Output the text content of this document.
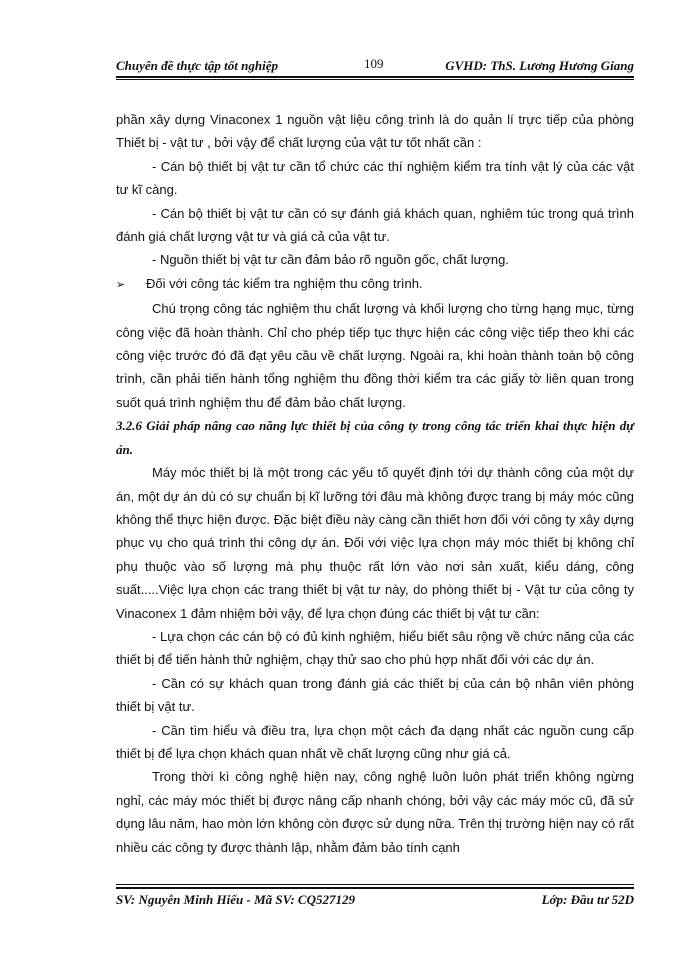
Chuyên đề thực tập tốt nghiệp	109	GVHD: ThS. Lương Hương Giang

phần xây dựng Vinaconex 1 nguồn vật liệu công trình là do quản lí trực tiếp của phòng Thiết bị - vật tư , bởi vậy để chất lượng của vật tư tốt nhất cần :

- Cán bộ thiết bị vật tư cần tổ chức các thí nghiệm kiểm tra tính vật lý của các vật tư kĩ càng.

- Cán bộ thiết bị vật tư cần có sự đánh giá khách quan, nghiêm túc trong quá trình đánh giá chất lượng vật tư và giá cả của vật tư.

- Nguồn thiết bị vật tư cần đảm bảo rõ nguồn gốc, chất lượng.

➢	Đối với công tác kiểm tra nghiệm thu công trình.

Chú trọng công tác nghiệm thu chất lượng và khối lượng cho từng hạng mục, từng công việc đã hoàn thành. Chỉ cho phép tiếp tục thực hiện các công việc tiếp theo khi các công việc trước đó đã đạt yêu cầu về chất lượng. Ngoài ra, khi hoàn thành toàn bộ công trình, cần phải tiến hành tổng nghiệm thu đồng thời kiểm tra các giấy tờ liên quan trong suốt quá trình nghiệm thu để đảm bảo chất lượng.

3.2.6 Giải pháp nâng cao năng lực thiết bị của công ty trong công tác triển khai thực hiện dự án.

Máy móc thiết bị là một trong các yếu tố quyết định tới dự thành công của một dự án, một dự án dù có sự chuẩn bị kĩ lưỡng tới đâu mà không được trang bị máy móc cũng không thể thực hiện được. Đặc biệt điều này càng cần thiết hơn đối với công ty xây dựng phục vụ cho quá trình thi công dự án. Đối với việc lựa chọn máy móc thiết bị không chỉ phụ thuộc vào số lượng mà phụ thuộc rất lớn vào nơi sản xuất, kiểu dáng, công suất.....Việc lựa chọn các trang thiết bị vật tư này, do phòng thiết bị - Vật tư của công ty Vinaconex 1 đảm nhiệm bởi vậy, để lựa chọn đúng các thiết bị vật tư cần:

- Lựa chọn các cán bộ có đủ kinh nghiệm, hiểu biết sâu rộng về chức năng của các thiết bị để tiến hành thử nghiệm, chạy thử sao cho phù hợp nhất đối với các dự án.

- Cần có sự khách quan trong đánh giá các thiết bị của cán bộ nhân viên phòng thiết bị vật tư.

- Cần tìm hiểu và điều tra, lựa chọn một cách đa dạng nhất các nguồn cung cấp thiết bị để lựa chọn khách quan nhất về chất lượng cũng như giá cả.

Trong thời kì công nghệ hiện nay, công nghệ luôn luôn phát triển không ngừng nghỉ, các máy móc thiết bị được nâng cấp nhanh chóng, bởi vậy các máy móc cũ, đã sử dụng lâu năm, hao mòn lớn không còn được sử dụng nữa. Trên thị trường hiện nay có rất nhiều các công ty được thành lập, nhằm đảm bảo tính cạnh

SV: Nguyễn Minh Hiếu - Mã SV: CQ527129	Lớp: Đầu tư 52D
